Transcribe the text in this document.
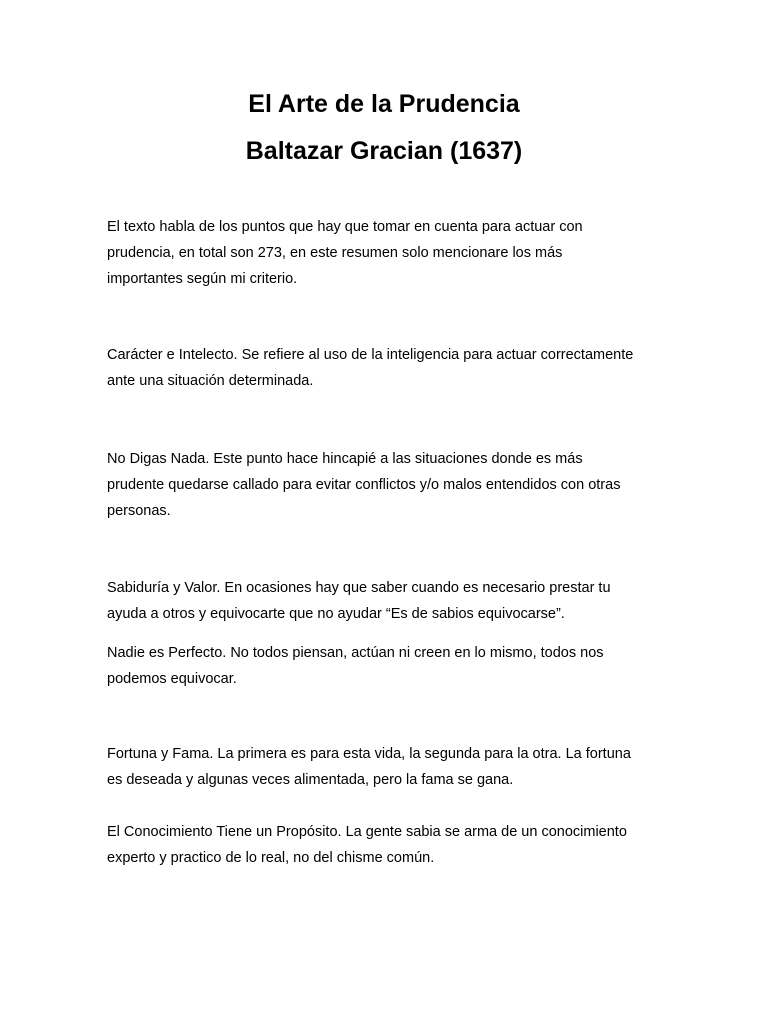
El Arte de la Prudencia
Baltazar Gracian (1637)

El texto habla de los puntos que hay que tomar en cuenta para actuar con
prudencia, en total son 273, en este resumen solo mencionare los más
importantes según mi criterio.

Carácter e Intelecto. Se refiere al uso de la inteligencia para actuar correctamente
ante una situación determinada.

No Digas Nada. Este punto hace hincapié a las situaciones donde es más
prudente quedarse callado para evitar conflictos y/o malos entendidos con otras
personas.

Sabiduría y Valor. En ocasiones hay que saber cuando es necesario prestar tu
ayuda a otros y equivocarte que no ayudar “Es de sabios equivocarse”.

Nadie es Perfecto. No todos piensan, actúan ni creen en lo mismo, todos nos
podemos equivocar.

Fortuna y Fama. La primera es para esta vida, la segunda para la otra. La fortuna
es deseada y algunas veces alimentada, pero la fama se gana.

El Conocimiento Tiene un Propósito. La gente sabia se arma de un conocimiento
experto y practico de lo real, no del chisme común.
